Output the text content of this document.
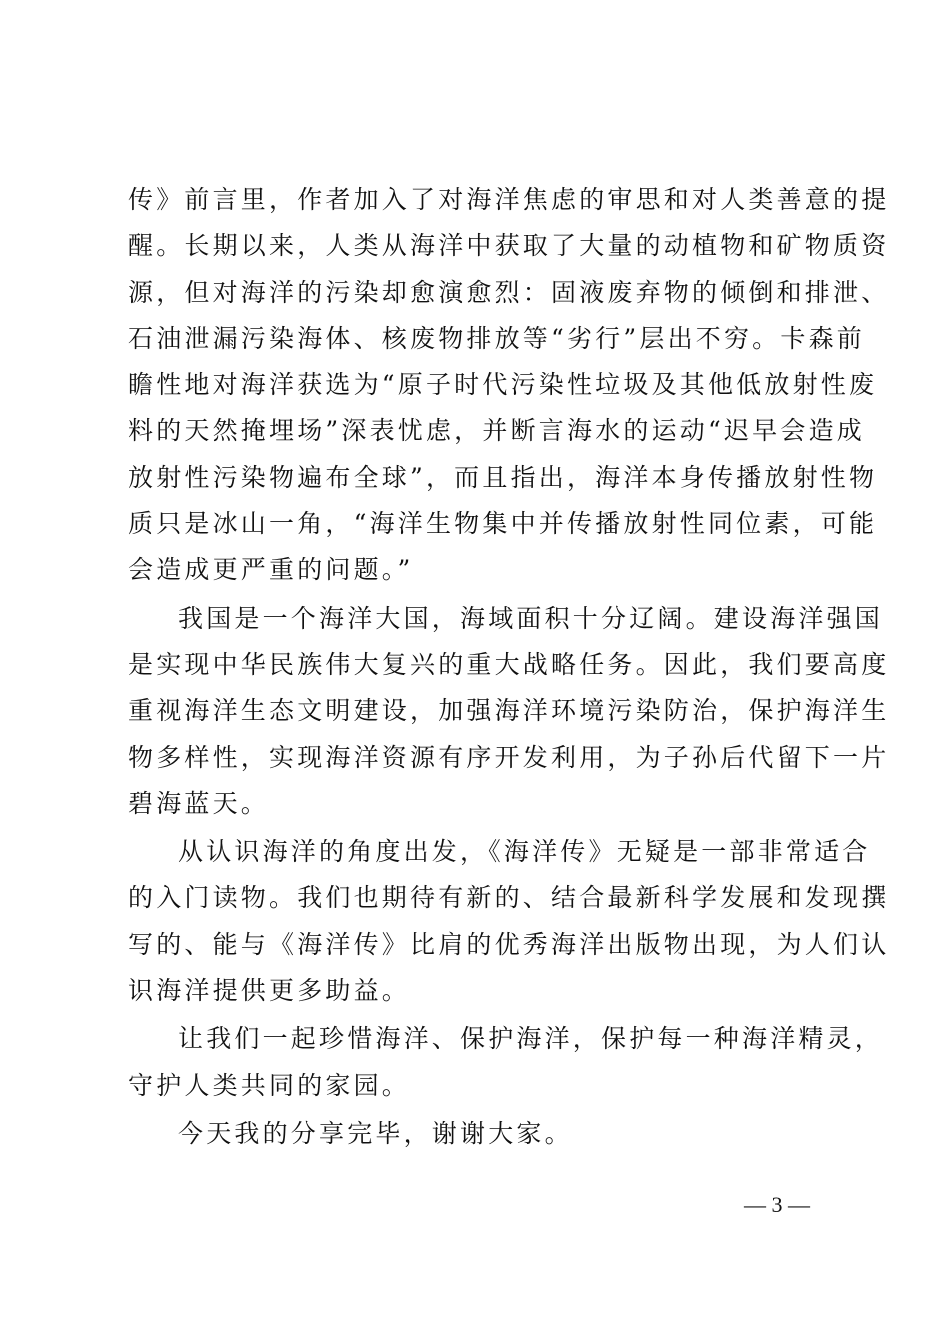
传》前言里，作者加入了对海洋焦虑的审思和对人类善意的提
醒。长期以来，人类从海洋中获取了大量的动植物和矿物质资
源，但对海洋的污染却愈演愈烈：固液废弃物的倾倒和排泄、
石油泄漏污染海体、核废物排放等“劣行”层出不穷。卡森前
瞻性地对海洋获选为“原子时代污染性垃圾及其他低放射性废
料的天然掩埋场”深表忧虑，并断言海水的运动“迟早会造成
放射性污染物遍布全球”，而且指出，海洋本身传播放射性物
质只是冰山一角，“海洋生物集中并传播放射性同位素，可能
会造成更严重的问题。”
我国是一个海洋大国，海域面积十分辽阔。建设海洋强国
是实现中华民族伟大复兴的重大战略任务。因此，我们要高度
重视海洋生态文明建设，加强海洋环境污染防治，保护海洋生
物多样性，实现海洋资源有序开发利用，为子孙后代留下一片
碧海蓝天。
从认识海洋的角度出发，《海洋传》无疑是一部非常适合
的入门读物。我们也期待有新的、结合最新科学发展和发现撰
写的、能与《海洋传》比肩的优秀海洋出版物出现，为人们认
识海洋提供更多助益。
让我们一起珍惜海洋、保护海洋，保护每一种海洋精灵，
守护人类共同的家园。
今天我的分享完毕，谢谢大家。
— 3 —
